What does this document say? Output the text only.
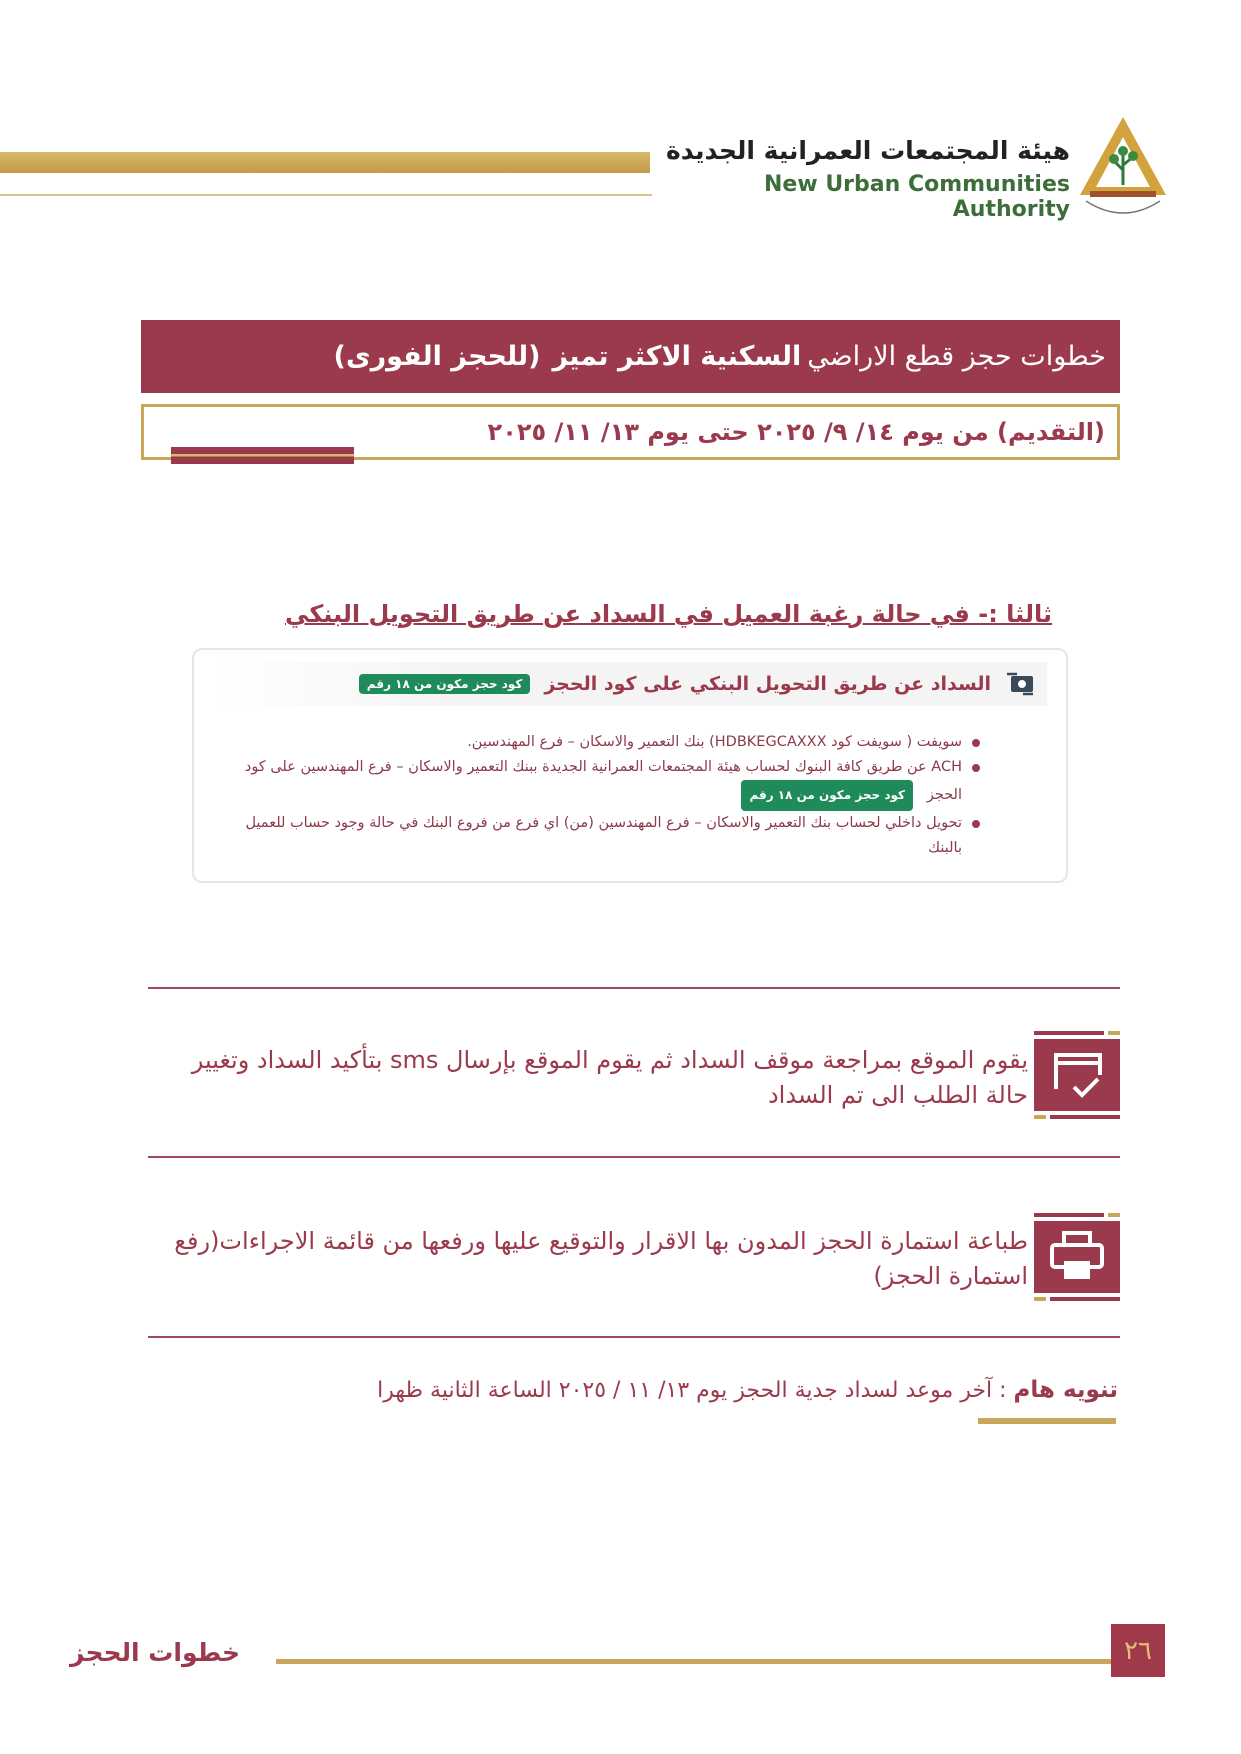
هيئة المجتمعات العمرانية الجديدة
New Urban Communities Authority
خطوات حجز قطع الاراضي
السكنية الاكثر تميز
(للحجز الفورى)
(التقديم) من يوم ١٤/ ٩/ ٢٠٢٥ حتى يوم ١٣/ ١١/ ٢٠٢٥
ثالثا :- في حالة رغبة العميل في السداد عن طريق التحويل البنكي
السداد عن طريق التحويل البنكي على كود الحجز
كود حجز مكون من ١٨ رقم
سويفت ( سويفت كود HDBKEGCAXXX) بنك التعمير والاسكان – فرع المهندسين.
ACH عن طريق كافة البنوك لحساب هيئة المجتمعات العمرانية الجديدة ببنك التعمير والاسكان – فرع المهندسين على كود الحجز   كود حجز مكون من ١٨ رقم
تحويل داخلي لحساب بنك التعمير والاسكان – فرع المهندسين (من) اي فرع من فروع البنك في حالة وجود حساب للعميل بالبنك
يقوم الموقع بمراجعة موقف السداد ثم يقوم الموقع بإرسال sms بتأكيد السداد وتغيير حالة الطلب الى تم السداد
طباعة استمارة الحجز المدون بها الاقرار والتوقيع عليها ورفعها من قائمة الاجراءات(رفع استمارة الحجز)
تنويه هام : آخر موعد لسداد جدية الحجز يوم ١٣/ ١١ / ٢٠٢٥ الساعة الثانية ظهرا
٢٦
خطوات الحجز
